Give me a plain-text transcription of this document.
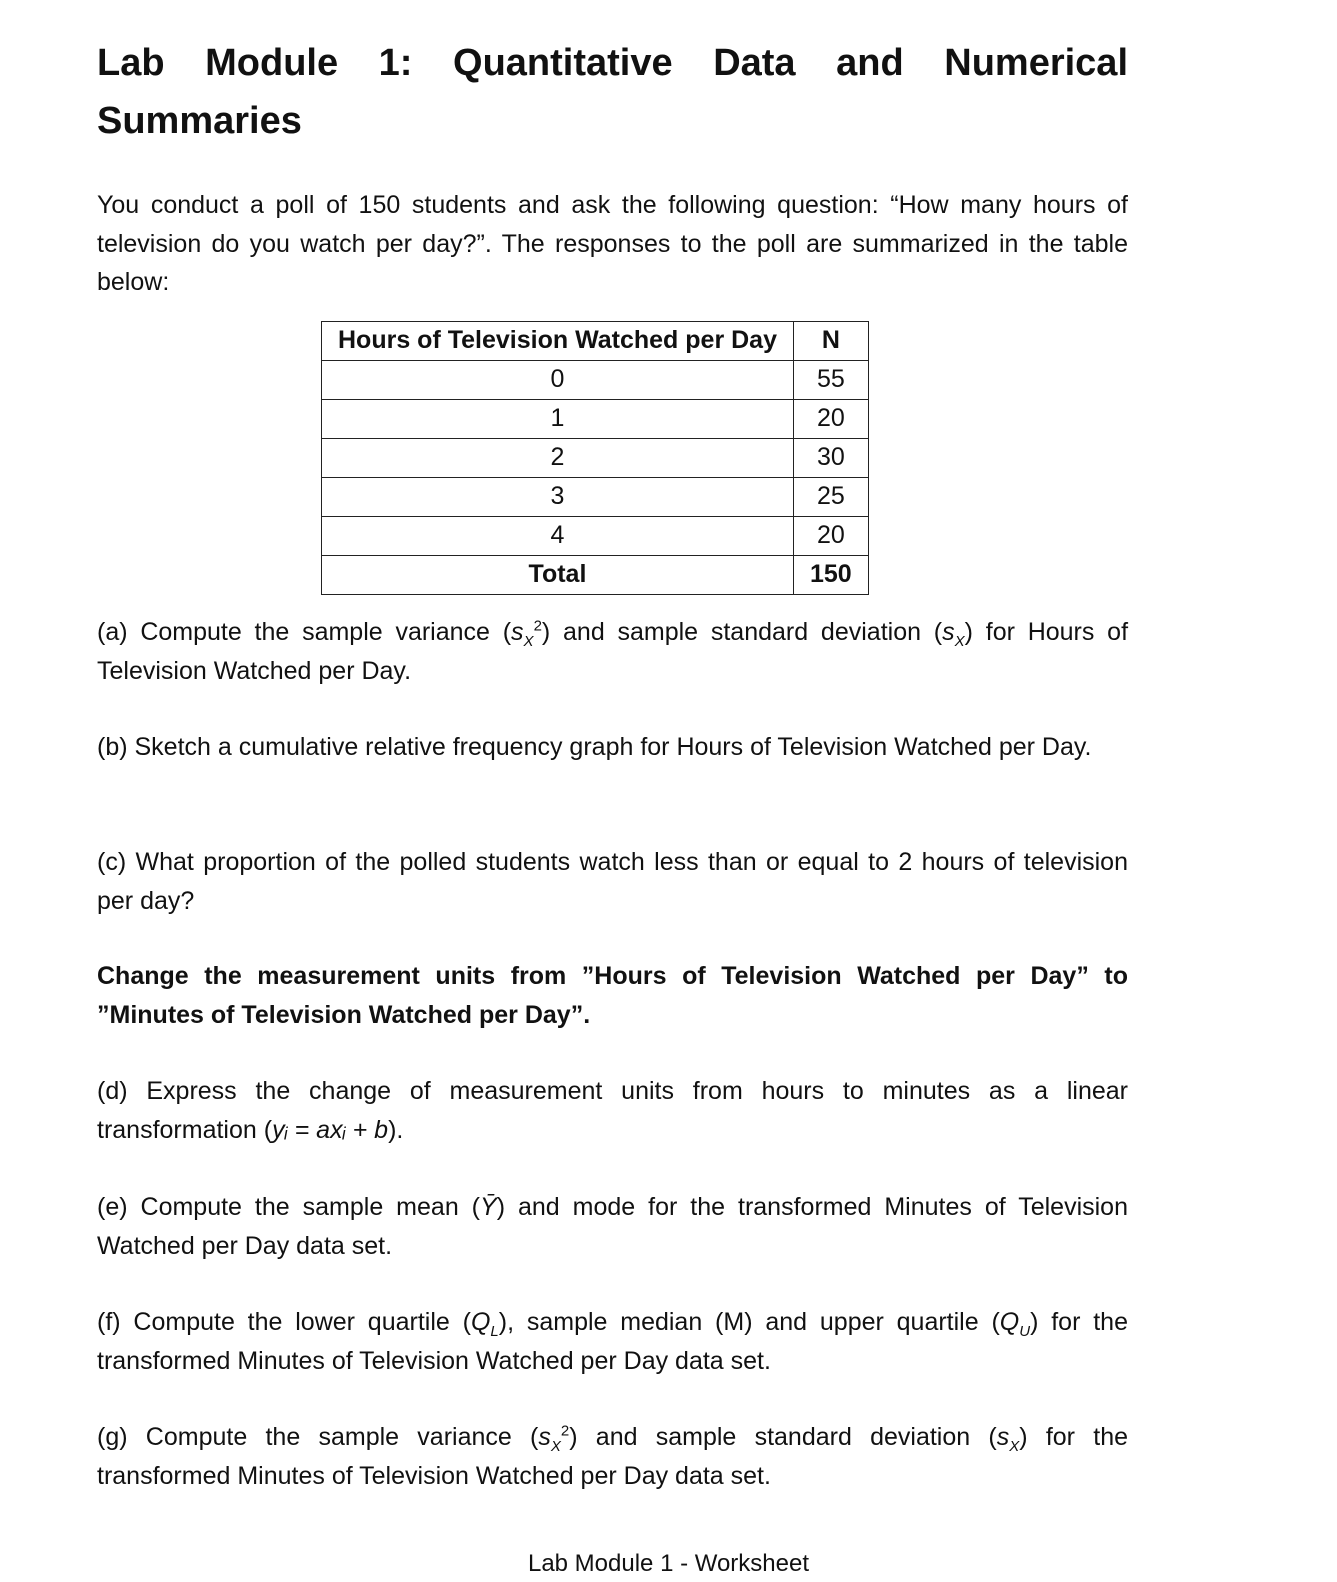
Lab Module 1: Quantitative Data and Numerical Summaries

You conduct a poll of 150 students and ask the following question: “How many hours of television do you watch per day?”. The responses to the poll are summarized in the table below:

Hours of Television Watched per Day	N
0	55
1	20
2	30
3	25
4	20
Total	150

(a) Compute the sample variance $(s_X^2)$ and sample standard deviation $(s_X)$ for Hours of Television Watched per Day.

(b) Sketch a cumulative relative frequency graph for Hours of Television Watched per Day.

(c) What proportion of the polled students watch less than or equal to 2 hours of television per day?

Change the measurement units from ”Hours of Television Watched per Day” to ”Minutes of Television Watched per Day”.

(d) Express the change of measurement units from hours to minutes as a linear transformation (yᵢ = axᵢ + b).

(e) Compute the sample mean (Ȳ) and mode for the transformed Minutes of Television Watched per Day data set.

(f) Compute the lower quartile $(Q_L)$, sample median (M) and upper quartile $(Q_U)$ for the transformed Minutes of Television Watched per Day data set.

(g) Compute the sample variance $(s_X^2)$ and sample standard deviation $(s_X)$ for the transformed Minutes of Television Watched per Day data set.

Lab Module 1 - Worksheet
